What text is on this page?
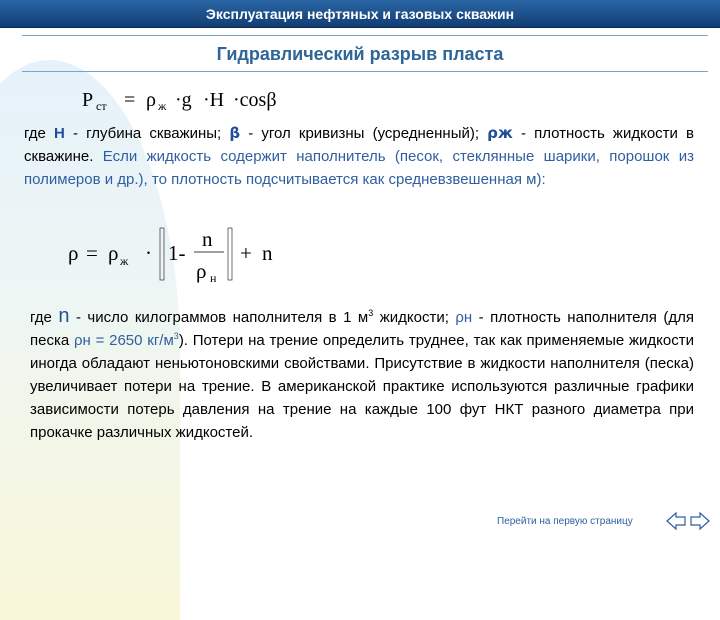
Эксплуатация нефтяных и газовых скважин
Гидравлический разрыв пласта
P ст = ρ ж ·g ·H ·cosβ
где H - глубина скважины; β - угол кривизны (усредненный); ρж - плотность жидкости в скважине. Если жидкость содержит наполнитель (песок, стеклянные шарики, порошок из полимеров и др.), то плотность подсчитывается как средневзвешенная м):
ρ = ρ ж · 1-
n
ρ н
+ n
где n - число килограммов наполнителя в 1 $м^3$ жидкости; ρн - плотность наполнителя (для песка ρн = 2650 $кг/м^3$). Потери на трение определить труднее, так как применяемые жидкости иногда обладают неньютоновскими свойствами. Присутствие в жидкости наполнителя (песка) увеличивает потери на трение. В американской практике используются различные графики зависимости потерь давления на трение на каждые 100 фут НКТ разного диаметра при прокачке различных жидкостей.
Перейти на первую страницу
